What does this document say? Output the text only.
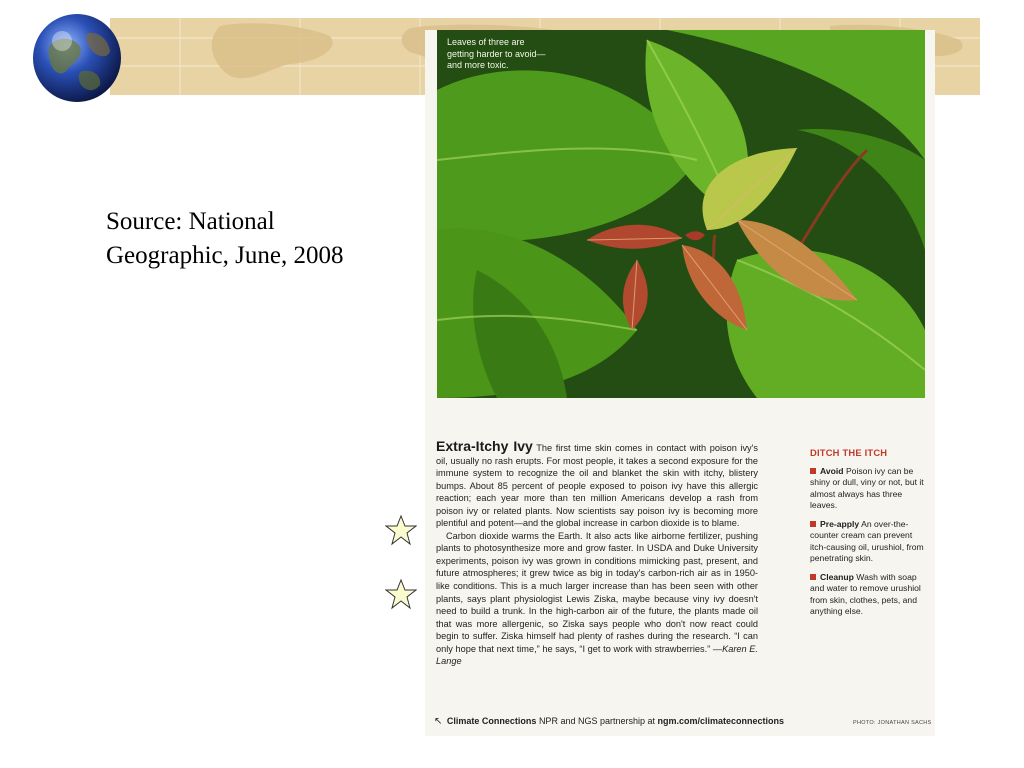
Source: National
Geographic, June, 2008
Leaves of three are getting harder to avoid—and more toxic.

Extra-Itchy Ivy The first time skin comes in contact with poison ivy's oil, usually no rash erupts. For most people, it takes a second exposure for the immune system to recognize the oil and blanket the skin with itchy, blistery bumps. About 85 percent of people exposed to poison ivy have this allergic reaction; each year more than ten million Americans develop a rash from poison ivy or related plants. Now scientists say poison ivy is becoming more plentiful and potent—and the global increase in carbon dioxide is to blame.

Carbon dioxide warms the Earth. It also acts like airborne fertilizer, pushing plants to photosynthesize more and grow faster. In USDA and Duke University experiments, poison ivy was grown in conditions mimicking past, present, and future atmospheres; it grew twice as big in today's carbon-rich air as in 1950-like conditions. This is a much larger increase than has been seen with other plants, says plant physiologist Lewis Ziska, maybe because viny ivy doesn't need to build a trunk. In the high-carbon air of the future, the plants made oil that was more allergenic, so Ziska says people who don't now react could begin to suffer. Ziska himself had plenty of rashes during the research. “I can only hope that next time,” he says, “I get to work with strawberries.” —Karen E. Lange

DITCH THE ITCH
Avoid Poison ivy can be shiny or dull, viny or not, but it almost always has three leaves.
Pre-apply An over-the-counter cream can prevent itch-causing oil, urushiol, from penetrating skin.
Cleanup Wash with soap and water to remove urushiol from skin, clothes, pets, and anything else.
↖ Climate Connections NPR and NGS partnership at ngm.com/climateconnections	PHOTO: JONATHAN SACHS
